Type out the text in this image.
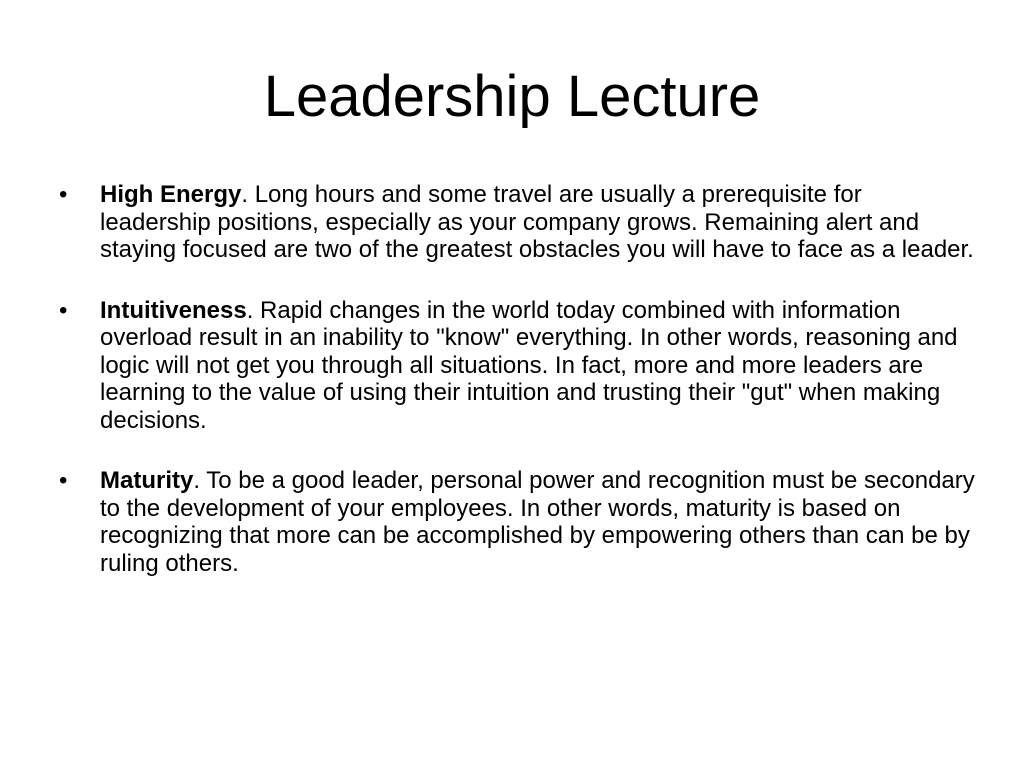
Leadership Lecture
• High Energy. Long hours and some travel are usually a prerequisite for leadership positions, especially as your company grows. Remaining alert and staying focused are two of the greatest obstacles you will have to face as a leader.
• Intuitiveness. Rapid changes in the world today combined with information overload result in an inability to "know" everything. In other words, reasoning and logic will not get you through all situations. In fact, more and more leaders are learning to the value of using their intuition and trusting their "gut" when making decisions.
• Maturity. To be a good leader, personal power and recognition must be secondary to the development of your employees. In other words, maturity is based on recognizing that more can be accomplished by empowering others than can be by ruling others.
